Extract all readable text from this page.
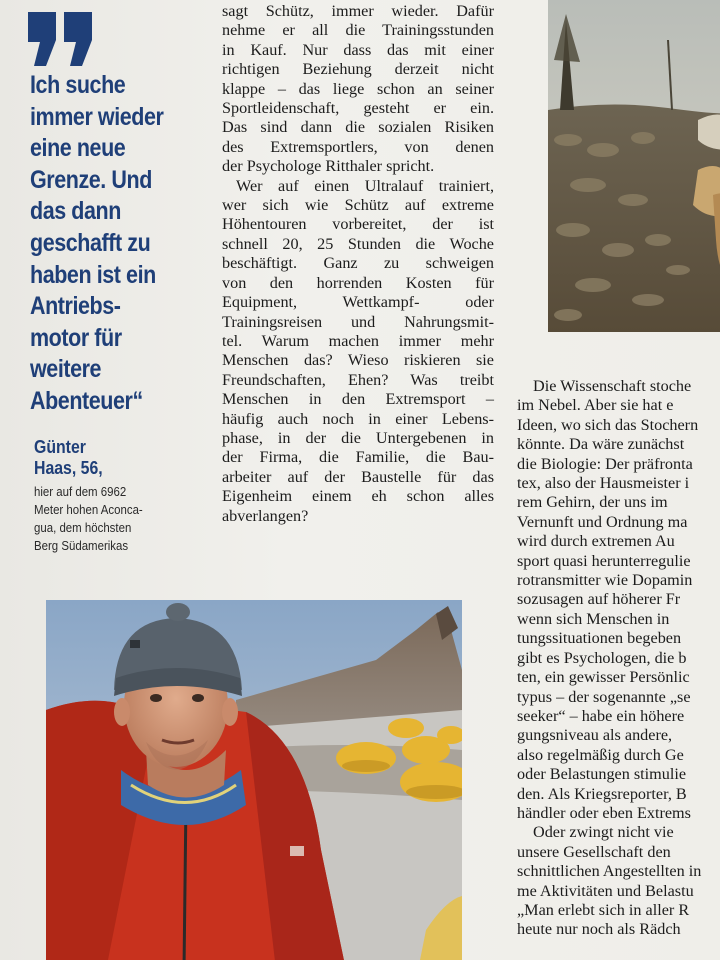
Ich suche
immer wieder
eine neue
Grenze. Und
das dann
geschafft zu
haben ist ein
Antriebs-
motor für
weitere
Abenteuer“
Günter
Haas, 56,
hier auf dem 6962
Meter hohen Aconca-
gua, dem höchsten
Berg Südamerikas
sagt Schütz, immer wieder. Dafür
nehme er all die Trainingsstunden
in Kauf. Nur dass das mit einer
richtigen Beziehung derzeit nicht
klappe – das liege schon an seiner
Sportleidenschaft, gesteht er ein.
Das sind dann die sozialen Risiken
des Extremsportlers, von denen
der Psychologe Ritthaler spricht.
Wer auf einen Ultralauf trainiert,
wer sich wie Schütz auf extreme
Höhentouren vorbereitet, der ist
schnell 20, 25 Stunden die Woche
beschäftigt. Ganz zu schweigen
von den horrenden Kosten für
Equipment, Wettkampf- oder
Trainingsreisen und Nahrungsmit-
tel. Warum machen immer mehr
Menschen das? Wieso riskieren sie
Freundschaften, Ehen? Was treibt
Menschen in den Extremsport –
häufig auch noch in einer Lebens-
phase, in der die Untergebenen in
der Firma, die Familie, die Bau-
arbeiter auf der Baustelle für das
Eigenheim einem eh schon alles
abverlangen?
Die Wissenschaft stoche
im Nebel. Aber sie hat e
Ideen, wo sich das Stochern
könnte. Da wäre zunächst
die Biologie: Der präfronta
tex, also der Hausmeister i
rem Gehirn, der uns im
Vernunft und Ordnung ma
wird durch extremen Au
sport quasi herunterregulie
rotransmitter wie Dopamin
sozusagen auf höherer Fr
wenn sich Menschen in
tungssituationen begeben
gibt es Psychologen, die b
ten, ein gewisser Persönlic
typus – der sogenannte „se
seeker“ – habe ein höhere
gungsniveau als andere,
also regelmäßig durch Ge
oder Belastungen stimulie
den. Als Kriegsreporter, B
händler oder eben Extrems
Oder zwingt nicht vie
unsere Gesellschaft den
schnittlichen Angestellten in
me Aktivitäten und Belastu
„Man erlebt sich in aller R
heute nur noch als Rädch
